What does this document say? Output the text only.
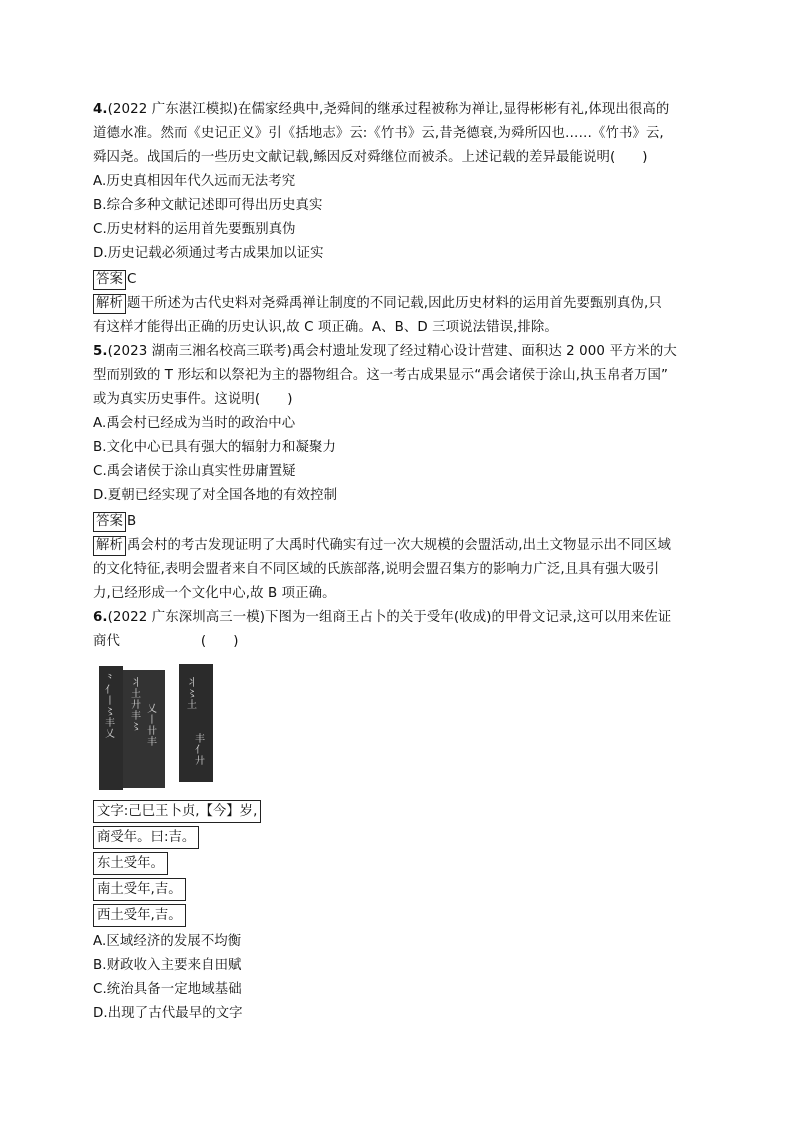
4.(2022 广东湛江模拟)在儒家经典中,尧舜间的继承过程被称为禅让,显得彬彬有礼,体现出很高的
道德水准。然而《史记正义》引《括地志》云:《竹书》云,昔尧德衰,为舜所囚也……《竹书》云,
舜囚尧。战国后的一些历史文献记载,鲧因反对舜继位而被杀。上述记载的差异最能说明(　　)
A.历史真相因年代久远而无法考究
B.综合多种文献记述即可得出历史真实
C.历史材料的运用首先要甄别真伪
D.历史记载必须通过考古成果加以证实
答案 C
解析 题干所述为古代史料对尧舜禹禅让制度的不同记载,因此历史材料的运用首先要甄别真伪,只
有这样才能得出正确的历史认识,故 C 项正确。A、B、D 三项说法错误,排除。
5.(2023 湖南三湘名校高三联考)禹会村遗址发现了经过精心设计营建、面积达 2 000 平方米的大
型而别致的 T 形坛和以祭祀为主的器物组合。这一考古成果显示“禹会诸侯于涂山,执玉帛者万国”
或为真实历史事件。这说明(　　)
A.禹会村已经成为当时的政治中心
B.文化中心已具有强大的辐射力和凝聚力
C.禹会诸侯于涂山真实性毋庸置疑
D.夏朝已经实现了对全国各地的有效控制
答案 B
解析 禹会村的考古发现证明了大禹时代确实有过一次大规模的会盟活动,出土文物显示出不同区域
的文化特征,表明会盟者来自不同区域的氏族部落,说明会盟召集方的影响力广泛,且具有强大吸引
力,已经形成一个文化中心,故 B 项正确。
6.(2022 广东深圳高三一模)下图为一组商王占卜的关于受年(收成)的甲骨文记录,这可以用来佐证
商代　　　　　　(　　)
⺀
亻
丨
〻
丰
乂
丬
土
廾
丰
〻
乂
丨
卄
丰
丬
〻
土
丰
亻
廾
文字:己巳王卜贞,【今】岁,
商受年。曰:吉。
东土受年。
南土受年,吉。
西土受年,吉。
A.区域经济的发展不均衡
B.财政收入主要来自田赋
C.统治具备一定地域基础
D.出现了古代最早的文字
